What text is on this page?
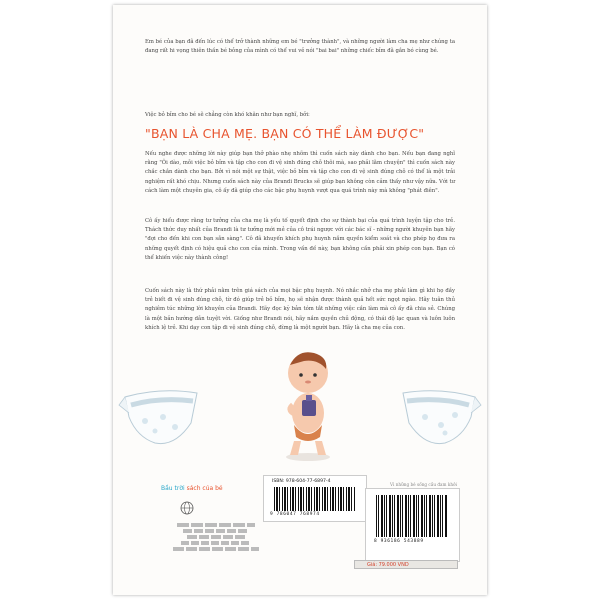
Em bé của bạn đã đến lúc có thể trở thành những em bé "trưởng thành", và những người làm cha mẹ như chúng ta đang rất hi vọng thiên thần bé bỏng của mình có thể vui vẻ nói "bai bai" những chiếc bỉm đã gắn bó cùng bé.

Việc bỏ bỉm cho bé sẽ chẳng còn khó khăn như bạn nghĩ, bởi:

"BẠN LÀ CHA MẸ. BẠN CÓ THỂ LÀM ĐƯỢC"

Nếu nghe được những lời này giúp bạn thở phào nhẹ nhõm thì cuốn sách này dành cho bạn. Nếu bạn đang nghĩ rằng "Ôi dào, mỗi việc bỏ bỉm và tập cho con đi vệ sinh đúng chỗ thôi mà, sao phải lằm chuyện" thì cuốn sách này chắc chắn dành cho bạn. Bởi vì nói một sự thật, việc bỏ bỉm và tập cho con đi vệ sinh đúng chỗ có thể là một trải nghiệm rất khó chịu. Nhưng cuốn sách này của Brandi Brucks sẽ giúp bạn không còn cảm thấy như vậy nữa. Với tư cách làm một chuyên gia, cô ấy đã giúp cho các bậc phụ huynh vượt qua quá trình này mà không "phát điên".

Cô ấy hiểu được rằng tư tưởng của cha mẹ là yếu tố quyết định cho sự thành bại của quá trình luyện tập cho trẻ. Thách thức duy nhất của Brandi là tư tưởng mới mẻ của cô trái ngược với các bác sĩ - những người khuyên bạn hãy "đợi cho đến khi con bạn sẵn sàng". Cô đã khuyến khích phụ huynh nắm quyền kiểm soát và cho phép họ đưa ra những quyết định có hiệu quả cho con của mình. Trong vấn đề này, bạn không cần phải xin phép con bạn. Bạn có thể khiến việc này thành công!

Cuốn sách này là thứ phải nằm trên giá sách của mọi bậc phụ huynh. Nó nhắc nhở cha mẹ phải làm gì khi họ đầy trẻ biết đi vệ sinh đúng chỗ, từ đó giúp trẻ bỏ bỉm, họ sẽ nhận được thành quả hết sức ngọt ngào. Hãy tuân thủ nghiêm túc những lời khuyên của Brandi. Hãy đọc kỹ bản tóm tắt những việc cần làm mà cô ấy đã chia sẻ. Chúng là một bản hướng dẫn tuyệt vời. Giống như Brandi nói, hãy nắm quyền chủ động, có thái độ lạc quan và luôn luôn khích lệ trẻ. Khi dạy con tập đi vệ sinh đúng chỗ, đừng là một người bạn. Hãy là cha mẹ của con.

Bầu trời sách của bé
ISBN: 978-604-77-6897-4
9 786047 768974
Vì những bé sống cầu đam khởi
8 936186 543889
Giá: 79.000 VND
